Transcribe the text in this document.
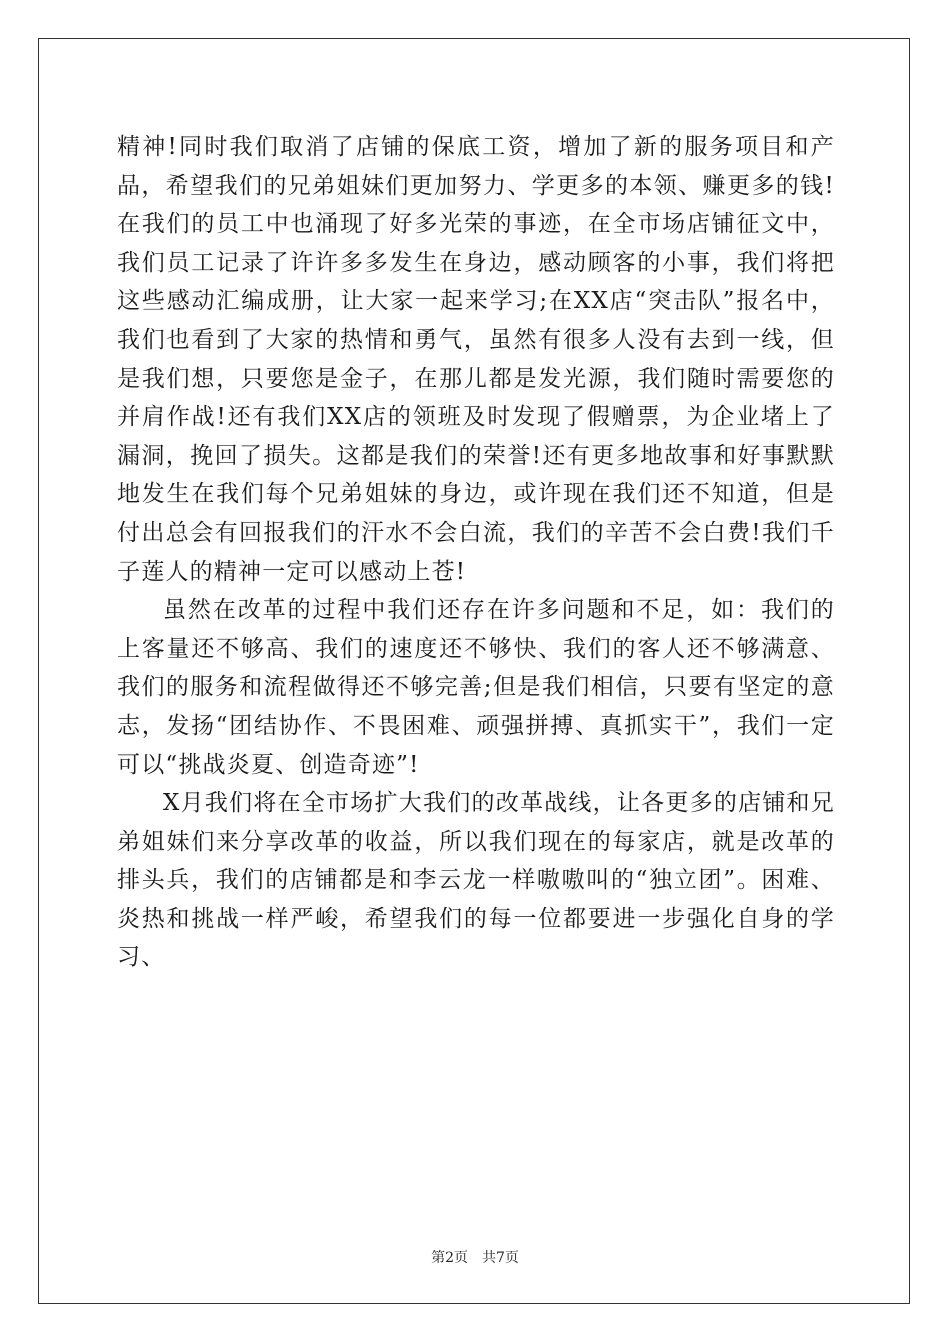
精神!同时我们取消了店铺的保底工资，增加了新的服务项目和产品，希望我们的兄弟姐妹们更加努力、学更多的本领、赚更多的钱!在我们的员工中也涌现了好多光荣的事迹，在全市场店铺征文中，我们员工记录了许许多多发生在身边，感动顾客的小事，我们将把这些感动汇编成册，让大家一起来学习;在XX店“突击队”报名中，我们也看到了大家的热情和勇气，虽然有很多人没有去到一线，但是我们想，只要您是金子，在那儿都是发光源，我们随时需要您的并肩作战!还有我们XX店的领班及时发现了假赠票，为企业堵上了漏洞，挽回了损失。这都是我们的荣誉!还有更多地故事和好事默默地发生在我们每个兄弟姐妹的身边，或许现在我们还不知道，但是付出总会有回报我们的汗水不会白流，我们的辛苦不会白费!我们千子莲人的精神一定可以感动上苍!

虽然在改革的过程中我们还存在许多问题和不足，如：我们的上客量还不够高、我们的速度还不够快、我们的客人还不够满意、我们的服务和流程做得还不够完善;但是我们相信，只要有坚定的意志，发扬“团结协作、不畏困难、顽强拼搏、真抓实干”，我们一定可以“挑战炎夏、创造奇迹”!

X月我们将在全市场扩大我们的改革战线，让各更多的店铺和兄弟姐妹们来分享改革的收益，所以我们现在的每家店，就是改革的排头兵，我们的店铺都是和李云龙一样嗷嗷叫的“独立团”。困难、炎热和挑战一样严峻，希望我们的每一位都要进一步强化自身的学习、

第2页 共7页
